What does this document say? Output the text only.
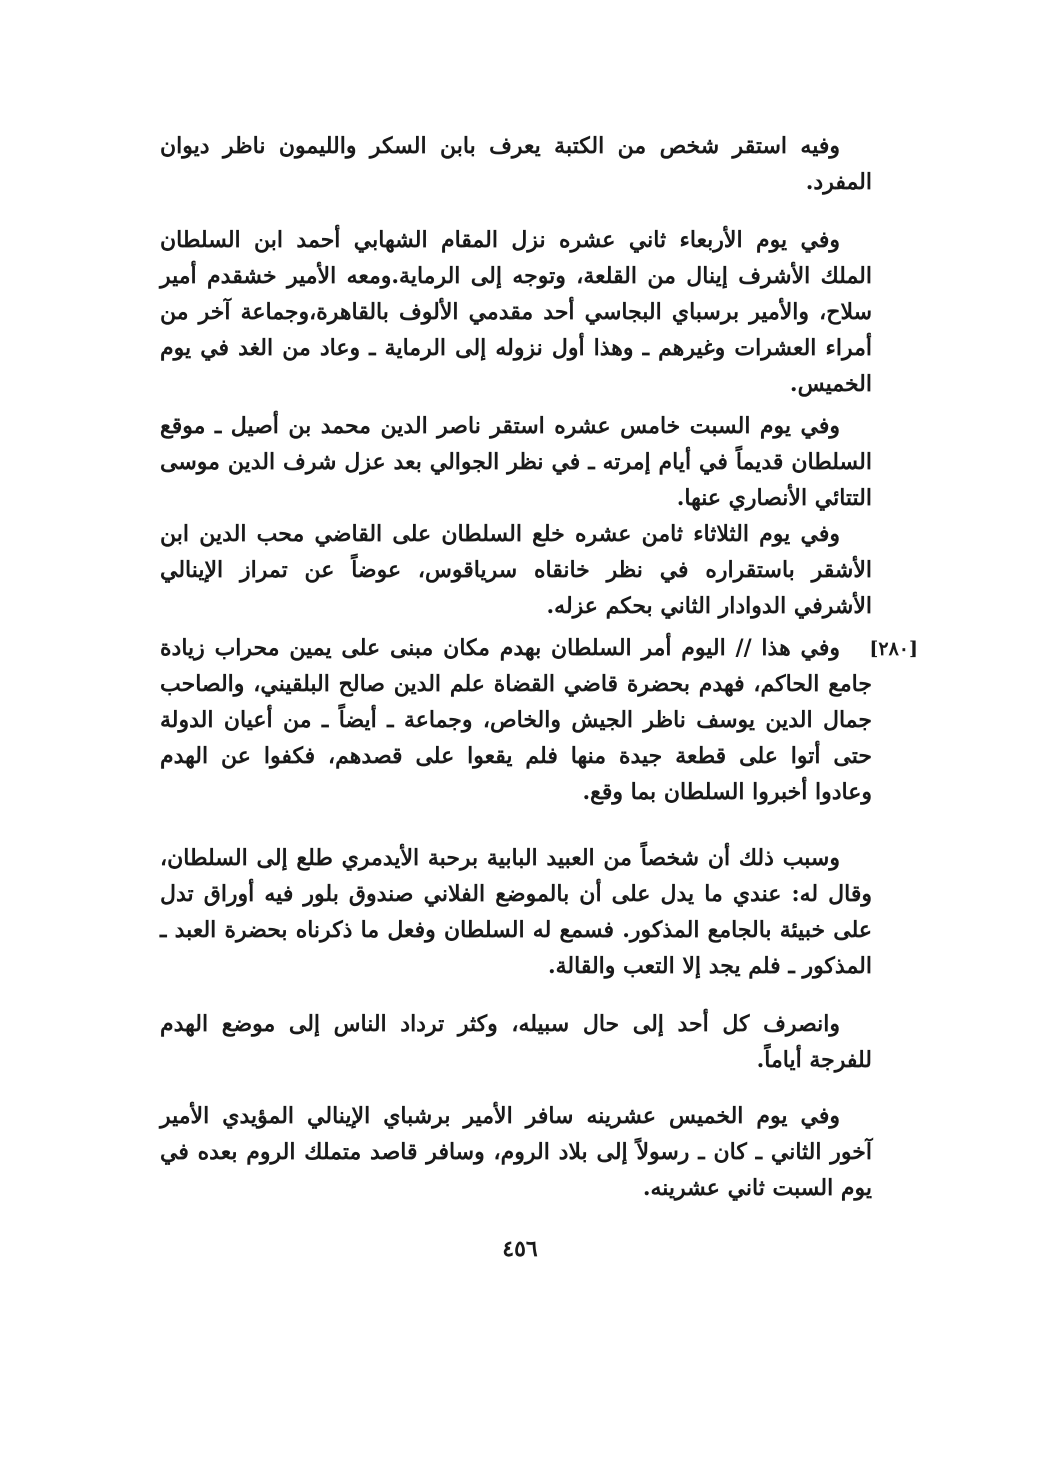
وفيه استقر شخص من الكتبة يعرف بابن السكر والليمون ناظر ديوان المفرد.

وفي يوم الأربعاء ثاني عشره نزل المقام الشهابي أحمد ابن السلطان الملك الأشرف إينال من القلعة، وتوجه إلى الرماية.ومعه الأمير خشقدم أمير سلاح، والأمير برسباي البجاسي أحد مقدمي الألوف بالقاهرة،وجماعة آخر من أمراء العشرات وغيرهم ـ وهذا أول نزوله إلى الرماية ـ وعاد من الغد في يوم الخميس.

وفي يوم السبت خامس عشره استقر ناصر الدين محمد بن أصيل ـ موقع السلطان قديماً في أيام إمرته ـ في نظر الجوالي بعد عزل شرف الدين موسى التتائي الأنصاري عنها.

وفي يوم الثلاثاء ثامن عشره خلع السلطان على القاضي محب الدين ابن الأشقر باستقراره في نظر خانقاه سرياقوس، عوضاً عن تمراز الإينالي الأشرفي الدوادار الثاني بحكم عزله.

[٢٨٠]

وفي هذا // اليوم أمر السلطان بهدم مكان مبنى على يمين محراب زيادة جامع الحاكم، فهدم بحضرة قاضي القضاة علم الدين صالح البلقيني، والصاحب جمال الدين يوسف ناظر الجيش والخاص، وجماعة ـ أيضاً ـ من أعيان الدولة حتى أتوا على قطعة جيدة منها فلم يقعوا على قصدهم، فكفوا عن الهدم وعادوا أخبروا السلطان بما وقع.

وسبب ذلك أن شخصاً من العبيد البابية برحبة الأيدمري طلع إلى السلطان، وقال له: عندي ما يدل على أن بالموضع الفلاني صندوق بلور فيه أوراق تدل على خبيئة بالجامع المذكور. فسمع له السلطان وفعل ما ذكرناه بحضرة العبد ـ المذكور ـ فلم يجد إلا التعب والقالة.

وانصرف كل أحد إلى حال سبيله، وكثر ترداد الناس إلى موضع الهدم للفرجة أياماً.

وفي يوم الخميس عشرينه سافر الأمير برشباي الإينالي المؤيدي الأمير آخور الثاني ـ كان ـ رسولاً إلى بلاد الروم، وسافر قاصد متملك الروم بعده في يوم السبت ثاني عشرينه.

٤٥٦
